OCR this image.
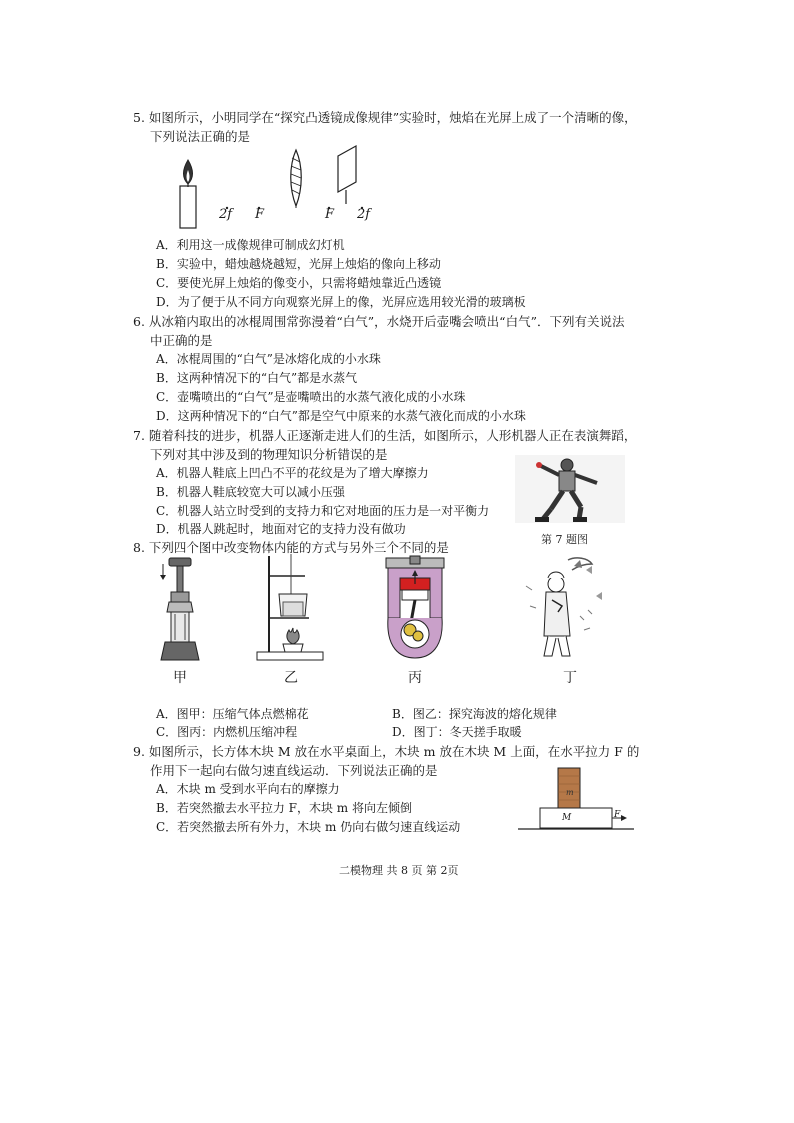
5. 如图所示，小明同学在“探究凸透镜成像规律”实验时，烛焰在光屏上成了一个清晰的像，
下列说法正确的是
2f F	F 2f
A．利用这一成像规律可制成幻灯机
B．实验中，蜡烛越烧越短，光屏上烛焰的像向上移动
C．要使光屏上烛焰的像变小，只需将蜡烛靠近凸透镜
D．为了便于从不同方向观察光屏上的像，光屏应选用较光滑的玻璃板
6. 从冰箱内取出的冰棍周围常弥漫着“白气”，水烧开后壶嘴会喷出“白气”．下列有关说法
中正确的是
A．冰棍周围的“白气”是冰熔化成的小水珠
B．这两种情况下的“白气”都是水蒸气
C．壶嘴喷出的“白气”是壶嘴喷出的水蒸气液化成的小水珠
D．这两种情况下的“白气”都是空气中原来的水蒸气液化而成的小水珠
7. 随着科技的进步，机器人正逐渐走进人们的生活，如图所示，人形机器人正在表演舞蹈，
下列对其中涉及到的物理知识分析错误的是
A．机器人鞋底上凹凸不平的花纹是为了增大摩擦力
B．机器人鞋底较宽大可以减小压强
C．机器人站立时受到的支持力和它对地面的压力是一对平衡力
D．机器人跳起时，地面对它的支持力没有做功
第 7 题图
8. 下列四个图中改变物体内能的方式与另外三个不同的是
甲	乙	丙	丁
A．图甲：压缩气体点燃棉花	B．图乙：探究海波的熔化规律
C．图丙：内燃机压缩冲程	D．图丁：冬天搓手取暖
9. 如图所示，长方体木块 M 放在水平桌面上，木块 m 放在木块 M 上面，在水平拉力 F 的
作用下一起向右做匀速直线运动．下列说法正确的是
A．木块 m 受到水平向右的摩擦力
B．若突然撤去水平拉力 F，木块 m 将向左倾倒
C．若突然撤去所有外力，木块 m 仍向右做匀速直线运动
m
M	F
二模物理 共 8 页 第 2页
